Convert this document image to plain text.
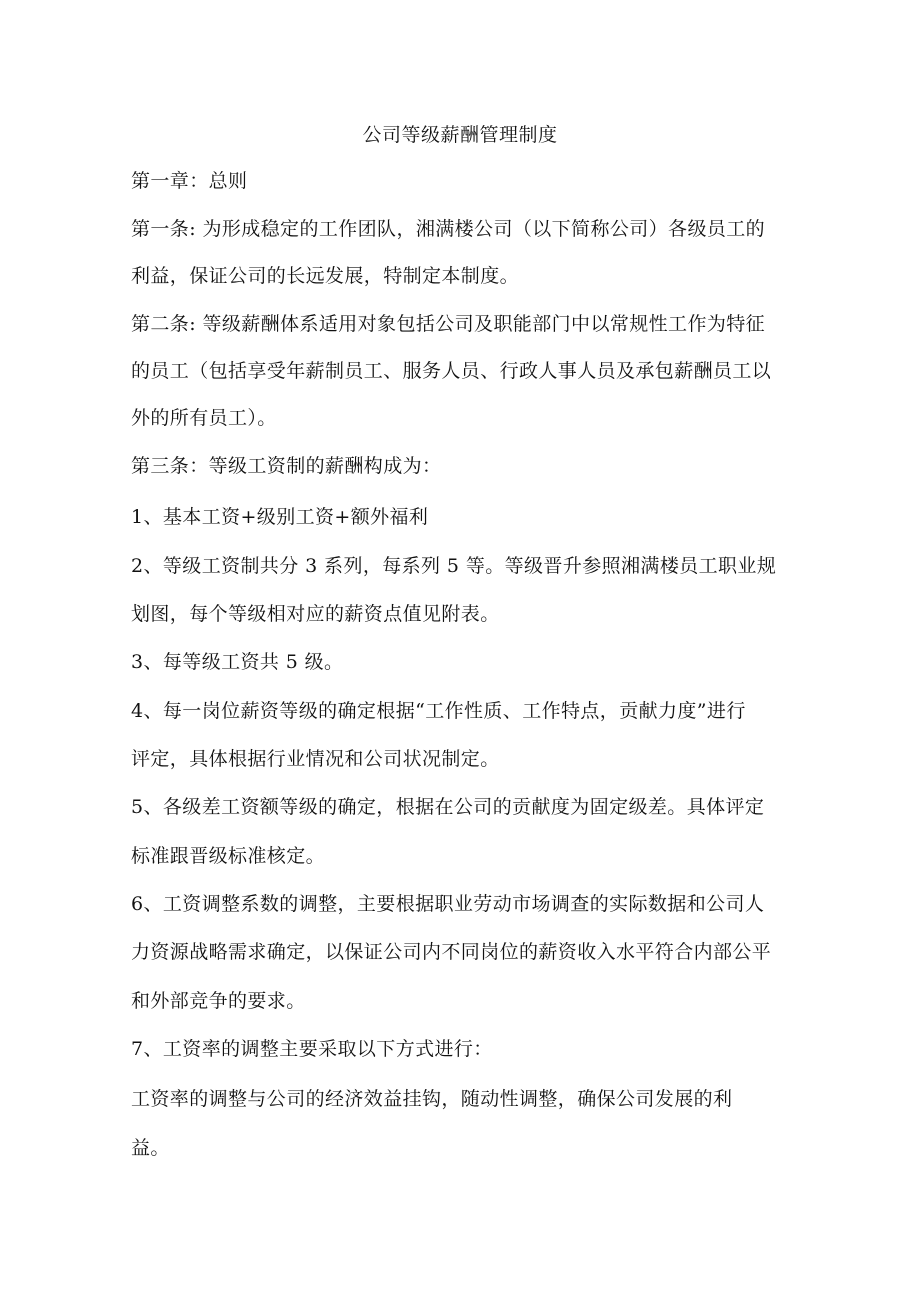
公司等级薪酬管理制度
第一章：总则
第一条: 为形成稳定的工作团队，湘满楼公司（以下简称公司）各级员工的
利益，保证公司的长远发展，特制定本制度。
第二条: 等级薪酬体系适用对象包括公司及职能部门中以常规性工作为特征
的员工（包括享受年薪制员工、服务人员、行政人事人员及承包薪酬员工以
外的所有员工）。
第三条：等级工资制的薪酬构成为：
1、基本工资+级别工资+额外福利
2、等级工资制共分 3 系列，每系列 5 等。等级晋升参照湘满楼员工职业规
划图，每个等级相对应的薪资点值见附表。
3、每等级工资共 5 级。
4、每一岗位薪资等级的确定根据“工作性质、工作特点，贡献力度”进行
评定，具体根据行业情况和公司状况制定。
5、各级差工资额等级的确定，根据在公司的贡献度为固定级差。具体评定
标准跟晋级标准核定。
6、工资调整系数的调整，主要根据职业劳动市场调查的实际数据和公司人
力资源战略需求确定，以保证公司内不同岗位的薪资收入水平符合内部公平
和外部竞争的要求。
7、工资率的调整主要采取以下方式进行：
工资率的调整与公司的经济效益挂钩，随动性调整，确保公司发展的利
益。
